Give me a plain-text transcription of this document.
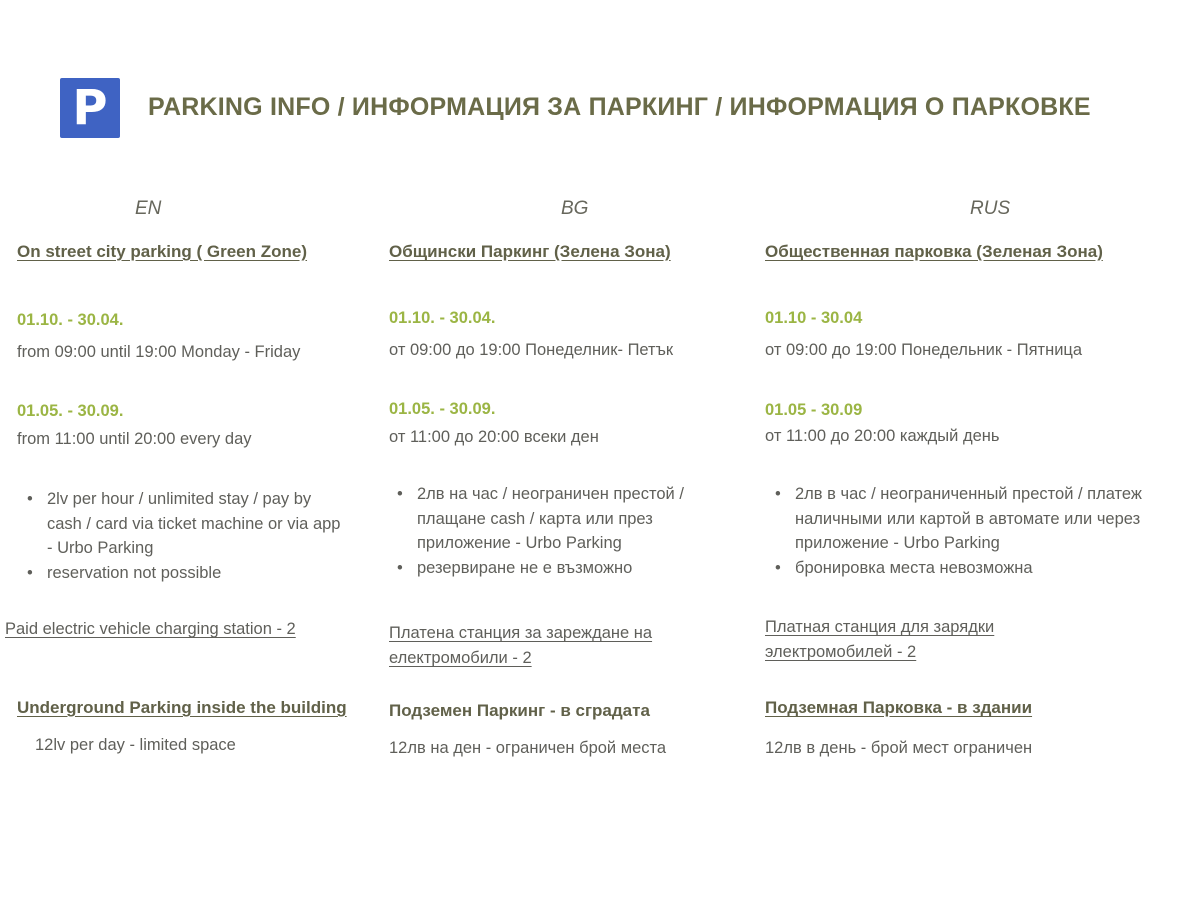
P PARKING INFO / ИНФОРМАЦИЯ ЗА ПАРКИНГ / ИНФОРМАЦИЯ О ПАРКОВКЕ
EN
On street city parking ( Green Zone)
01.10. - 30.04.
from 09:00 until 19:00 Monday - Friday
01.05. - 30.09.
from 11:00 until 20:00 every day
• 2lv per hour / unlimited stay / pay by cash / card via ticket machine or via app - Urbo Parking
• reservation not possible
Paid electric vehicle charging station - 2
Underground Parking inside the building
12lv per day - limited space
BG
Общински Паркинг (Зелена Зона)
01.10. - 30.04.
от 09:00 до 19:00 Понеделник- Петък
01.05. - 30.09.
от 11:00 до 20:00 всеки ден
• 2лв на час / неограничен престой / плащане cash / карта или през приложение - Urbo Parking
• резервиране не е възможно
Платена станция за зареждане на електромобили - 2
Подземен Паркинг - в сградата
12лв на ден - ограничен брой места
RUS
Общественная парковка (Зеленая Зона)
01.10 - 30.04
от 09:00 до 19:00 Понедельник - Пятница
01.05 - 30.09
от 11:00 до 20:00 каждый день
• 2лв в час / неограниченный престой / платеж наличными или картой в автомате или через приложение - Urbo Parking
• бронировка места невозможна
Платная станция для зарядки электромобилей - 2
Подземная Парковка - в здании
12лв в день - брой мест ограничен
